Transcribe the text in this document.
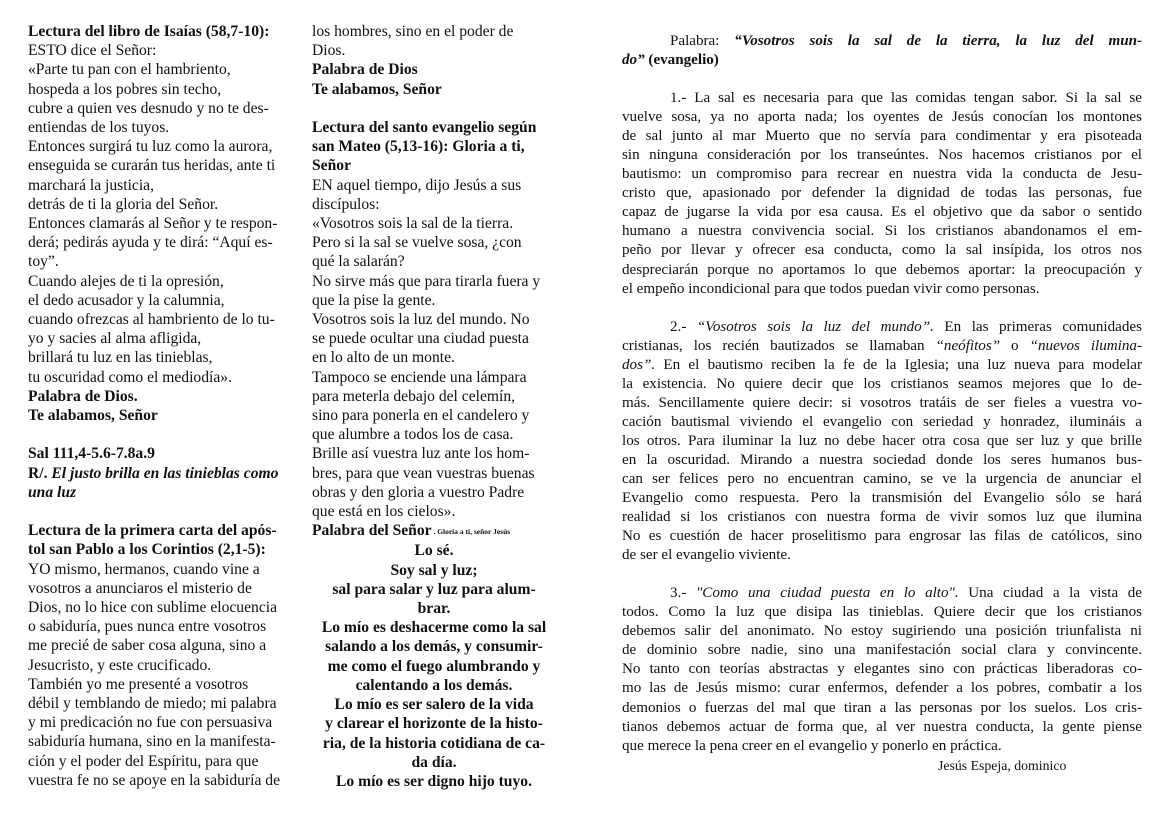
Lectura del libro de Isaías (58,7-10):
ESTO dice el Señor:
«Parte tu pan con el hambriento,
hospeda a los pobres sin techo,
cubre a quien ves desnudo y no te des-
entiendas de los tuyos.
Entonces surgirá tu luz como la aurora,
enseguida se curarán tus heridas, ante ti
marchará la justicia,
detrás de ti la gloria del Señor.
Entonces clamarás al Señor y te respon-
derá; pedirás ayuda y te dirá: “Aquí es-
toy”.
Cuando alejes de ti la opresión,
el dedo acusador y la calumnia,
cuando ofrezcas al hambriento de lo tu-
yo y sacies al alma afligida,
brillará tu luz en las tinieblas,
tu oscuridad como el mediodía».
Palabra de Dios.
Te alabamos, Señor
Sal 111,4-5.6-7.8a.9
R/. El justo brilla en las tinieblas como
una luz
Lectura de la primera carta del após-
tol san Pablo a los Corintios (2,1-5):
YO mismo, hermanos, cuando vine a
vosotros a anunciaros el misterio de
Dios, no lo hice con sublime elocuencia
o sabiduría, pues nunca entre vosotros
me precié de saber cosa alguna, sino a
Jesucristo, y este crucificado.
También yo me presenté a vosotros
débil y temblando de miedo; mi palabra
y mi predicación no fue con persuasiva
sabiduría humana, sino en la manifesta-
ción y el poder del Espíritu, para que
vuestra fe no se apoye en la sabiduría de
los hombres, sino en el poder de
Dios.
Palabra de Dios
Te alabamos, Señor
Lectura del santo evangelio según
san Mateo (5,13-16): Gloria a ti,
Señor
EN aquel tiempo, dijo Jesús a sus
discípulos:
«Vosotros sois la sal de la tierra.
Pero si la sal se vuelve sosa, ¿con
qué la salarán?
No sirve más que para tirarla fuera y
que la pise la gente.
Vosotros sois la luz del mundo. No
se puede ocultar una ciudad puesta
en lo alto de un monte.
Tampoco se enciende una lámpara
para meterla debajo del celemín,
sino para ponerla en el candelero y
que alumbre a todos los de casa.
Brille así vuestra luz ante los hom-
bres, para que vean vuestras buenas
obras y den gloria a vuestro Padre
que está en los cielos».
Palabra del Señor . Gloria a ti, señor Jesús
Lo sé.
Soy sal y luz;
sal para salar y luz para alum-
brar.
Lo mío es deshacerme como la sal
salando a los demás, y consumir-
me como el fuego alumbrando y
calentando a los demás.
Lo mío es ser salero de la vida
y clarear el horizonte de la histo-
ria, de la historia cotidiana de ca-
da día.
Lo mío es ser digno hijo tuyo.
Palabra: “Vosotros sois la sal de la tierra, la luz del mun-
do” (evangelio)
1.- La sal es necesaria para que las comidas tengan sabor. Si la sal se
vuelve sosa, ya no aporta nada; los oyentes de Jesús conocían los montones
de sal junto al mar Muerto que no servía para condimentar y era pisoteada
sin ninguna consideración por los transeúntes. Nos hacemos cristianos por el
bautismo: un compromiso para recrear en nuestra vida la conducta de Jesu-
cristo que, apasionado por defender la dignidad de todas las personas, fue
capaz de jugarse la vida por esa causa. Es el objetivo que da sabor o sentido
humano a nuestra convivencia social. Si los cristianos abandonamos el em-
peño por llevar y ofrecer esa conducta, como la sal insípida, los otros nos
despreciarán porque no aportamos lo que debemos aportar: la preocupación y
el empeño incondicional para que todos puedan vivir como personas.
2.- “Vosotros sois la luz del mundo”. En las primeras comunidades
cristianas, los recién bautizados se llamaban “neófitos” o “nuevos ilumina-
dos”. En el bautismo reciben la fe de la Iglesia; una luz nueva para modelar
la existencia. No quiere decir que los cristianos seamos mejores que lo de-
más. Sencillamente quiere decir: si vosotros tratáis de ser fieles a vuestra vo-
cación bautismal viviendo el evangelio con seriedad y honradez, ilumináis a
los otros. Para iluminar la luz no debe hacer otra cosa que ser luz y que brille
en la oscuridad. Mirando a nuestra sociedad donde los seres humanos bus-
can ser felices pero no encuentran camino, se ve la urgencia de anunciar el
Evangelio como respuesta. Pero la transmisión del Evangelio sólo se hará
realidad si los cristianos con nuestra forma de vivir somos luz que ilumina
No es cuestión de hacer proselitismo para engrosar las filas de católicos, sino
de ser el evangelio viviente.
3.- "Como una ciudad puesta en lo alto". Una ciudad a la vista de
todos. Como la luz que disipa las tinieblas. Quiere decir que los cristianos
debemos salir del anonimato. No estoy sugiriendo una posición triunfalista ni
de dominio sobre nadie, sino una manifestación social clara y convincente.
No tanto con teorías abstractas y elegantes sino con prácticas liberadoras co-
mo las de Jesús mismo: curar enfermos, defender a los pobres, combatir a los
demonios o fuerzas del mal que tiran a las personas por los suelos. Los cris-
tianos debemos actuar de forma que, al ver nuestra conducta, la gente piense
que merece la pena creer en el evangelio y ponerlo en práctica.
Jesús Espeja, dominico
